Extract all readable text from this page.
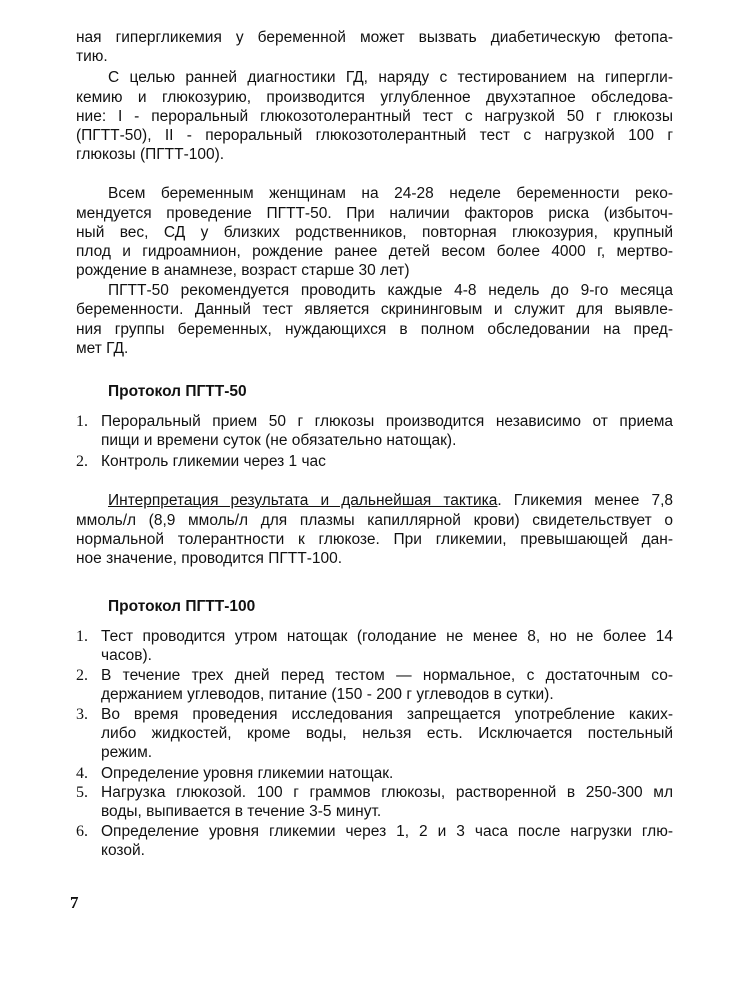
ная гипергликемия у беременной может вызвать диабетическую фетопа-
тию.
С целью ранней диагностики ГД, наряду с тестированием на гипергли-
кемию и глюкозурию, производится углубленное двухэтапное обследова-
ние: I - пероральный глюкозотолерантный тест с нагрузкой 50 г глюкозы
(ПГТТ-50), II - пероральный глюкозотолерантный тест с нагрузкой 100 г
глюкозы (ПГТТ-100).
Всем беременным женщинам на 24-28 неделе беременности реко-
мендуется проведение ПГТТ-50. При наличии факторов риска (избыточ-
ный вес, СД у близких родственников, повторная глюкозурия, крупный
плод и гидроамнион, рождение ранее детей весом более 4000 г, мертво-
рождение в анамнезе, возраст старше 30 лет)
ПГТТ-50 рекомендуется проводить каждые 4-8 недель до 9-го месяца
беременности. Данный тест является скрининговым и служит для выявле-
ния группы беременных, нуждающихся в полном обследовании на пред-
мет ГД.
Протокол ПГТТ-50
1. Пероральный прием 50 г глюкозы производится независимо от приема
пищи и времени суток (не обязательно натощак).
2. Контроль гликемии через 1 час
Интерпретация результата и дальнейшая тактика. Гликемия менее 7,8
ммоль/л (8,9 ммоль/л для плазмы капиллярной крови) свидетельствует о
нормальной толерантности к глюкозе. При гликемии, превышающей дан-
ное значение, проводится ПГТТ-100.
Протокол ПГТТ-100
1. Тест проводится утром натощак (голодание не менее 8, но не более 14
часов).
2. В течение трех дней перед тестом — нормальное, с достаточным со-
держанием углеводов, питание (150 - 200 г углеводов в сутки).
3. Во время проведения исследования запрещается употребление каких-
либо жидкостей, кроме воды, нельзя есть. Исключается постельный
режим.
4. Определение уровня гликемии натощак.
5. Нагрузка глюкозой. 100 г граммов глюкозы, растворенной в 250-300 мл
воды, выпивается в течение 3-5 минут.
6. Определение уровня гликемии через 1, 2 и 3 часа после нагрузки глю-
козой.
7
